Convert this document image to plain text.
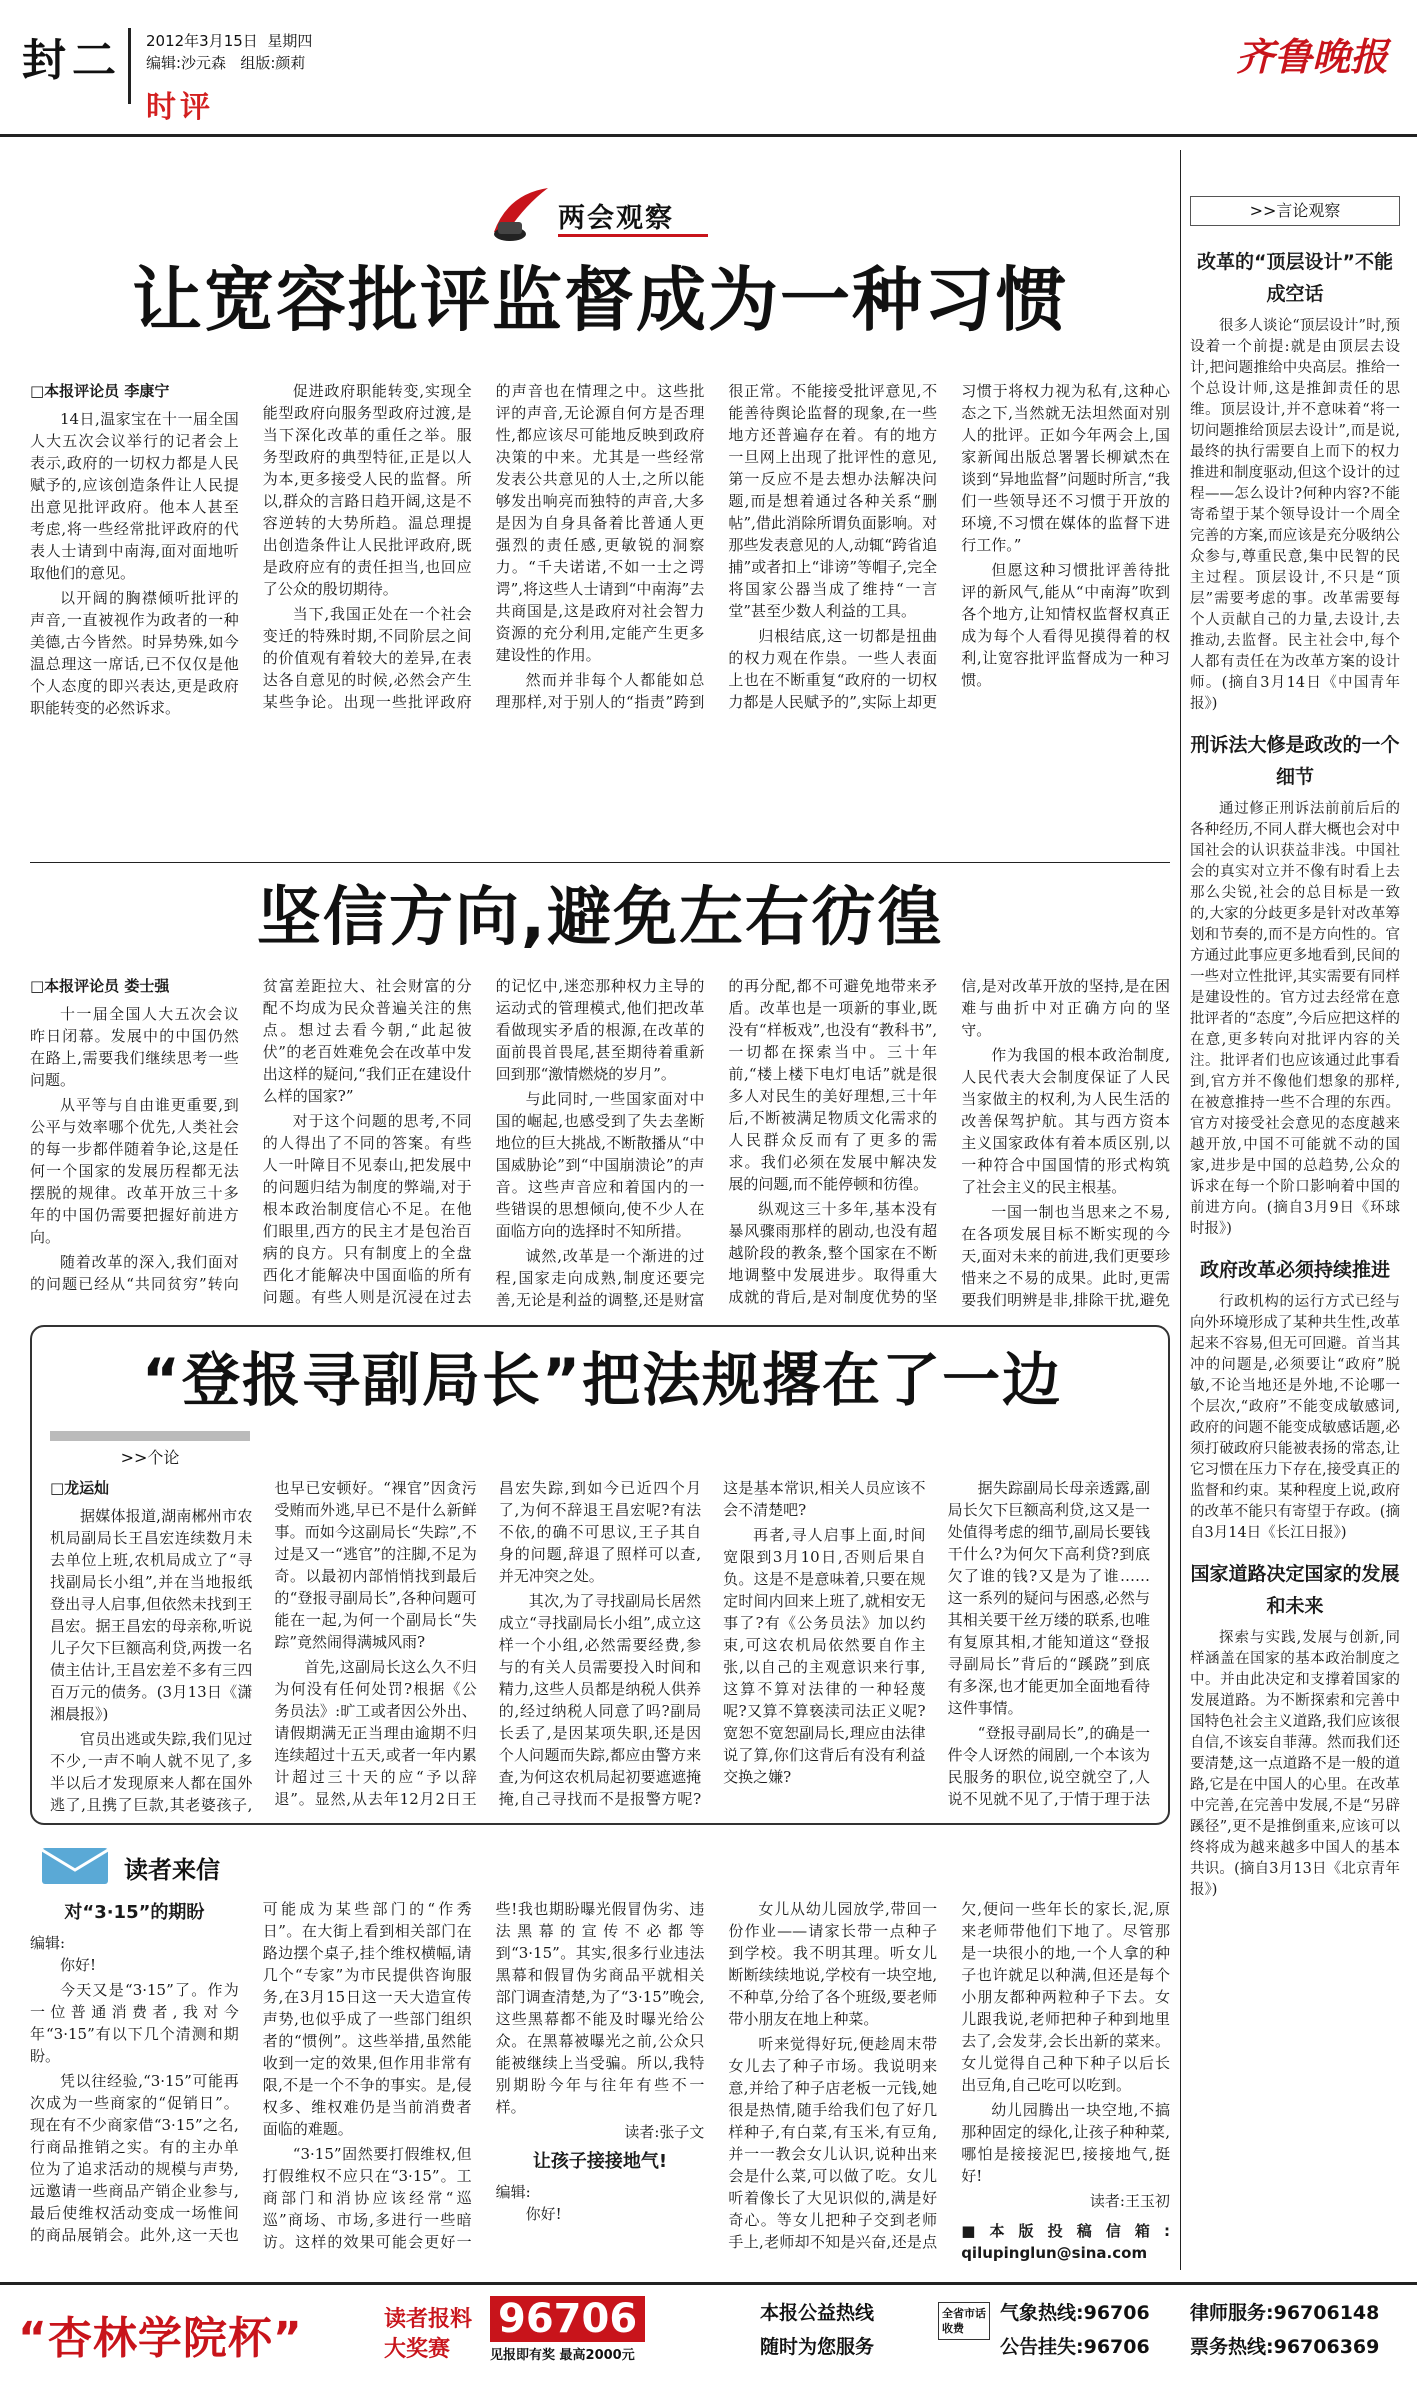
封二 2012年3月15日 星期四
编辑:沙元森 组版:颜莉
时评
齐鲁晚报
两会观察
让宽容批评监督成为一种习惯
□本报评论员 李康宁

14日,温家宝在十一届全国人大五次会议举行的记者会上表示,政府的一切权力都是人民赋予的,应该创造条件让人民提出意见批评政府。他本人甚至考虑,将一些经常批评政府的代表人士请到中南海,面对面地听取他们的意见。

以开阔的胸襟倾听批评的声音,一直被视作为政者的一种美德,古今皆然。时异势殊,如今温总理这一席话,已不仅仅是他个人态度的即兴表达,更是政府职能转变的必然诉求。

促进政府职能转变,实现全能型政府向服务型政府过渡,是当下深化改革的重任之举。服务型政府的典型特征,正是以人为本,更多接受人民的监督。所以,群众的言路日趋开阔,这是不容逆转的大势所趋。温总理提出创造条件让人民批评政府,既是政府应有的责任担当,也回应了公众的殷切期待。

当下,我国正处在一个社会变迁的特殊时期,不同阶层之间的价值观有着较大的差异,在表达各自意见的时候,必然会产生某些争论。出现一些批评政府的声音也在情理之中。这些批评的声音,无论源自何方是否理性,都应该尽可能地反映到政府决策的中来。尤其是一些经常发表公共意见的人士,之所以能够发出响亮而独特的声音,大多是因为自身具备着比普通人更强烈的责任感,更敏锐的洞察力。“千夫诺诺,不如一士之谔谔”,将这些人士请到“中南海”去共商国是,这是政府对社会智力资源的充分利用,定能产生更多建设性的作用。

然而并非每个人都能如总理那样,对于别人的“指责”跨到很正常。不能接受批评意见,不能善待舆论监督的现象,在一些地方还普遍存在着。有的地方一旦网上出现了批评性的意见,第一反应不是去想办法解决问题,而是想着通过各种关系“删帖”,借此消除所谓负面影响。对那些发表意见的人,动辄“跨省追捕”或者扣上“诽谤”等帽子,完全将国家公器当成了维持“一言堂”甚至少数人利益的工具。

归根结底,这一切都是扭曲的权力观在作祟。一些人表面上也在不断重复“政府的一切权力都是人民赋予的”,实际上却更习惯于将权力视为私有,这种心态之下,当然就无法坦然面对别人的批评。正如今年两会上,国家新闻出版总署署长柳斌杰在谈到“异地监督”问题时所言,“我们一些领导还不习惯于开放的环境,不习惯在媒体的监督下进行工作。”

但愿这种习惯批评善待批评的新风气,能从“中南海”吹到各个地方,让知情权监督权真正成为每个人看得见摸得着的权利,让宽容批评监督成为一种习惯。

坚信方向,避免左右彷徨
□本报评论员 娄士强

十一届全国人大五次会议昨日闭幕。发展中的中国仍然在路上,需要我们继续思考一些问题。

从平等与自由谁更重要,到公平与效率哪个优先,人类社会的每一步都伴随着争论,这是任何一个国家的发展历程都无法摆脱的规律。改革开放三十多年的中国仍需要把握好前进方向。

随着改革的深入,我们面对的问题已经从“共同贫穷”转向贫富差距拉大、社会财富的分配不均成为民众普遍关注的焦点。想过去看今朝,“此起彼伏”的老百姓难免会在改革中发出这样的疑问,“我们正在建设什么样的国家?”

对于这个问题的思考,不同的人得出了不同的答案。有些人一叶障目不见泰山,把发展中的问题归结为制度的弊端,对于根本政治制度信心不足。在他们眼里,西方的民主才是包治百病的良方。只有制度上的全盘西化才能解决中国面临的所有问题。有些人则是沉浸在过去的记忆中,迷恋那种权力主导的运动式的管理模式,他们把改革看做现实矛盾的根源,在改革的面前畏首畏尾,甚至期待着重新回到那“激情燃烧的岁月”。

与此同时,一些国家面对中国的崛起,也感受到了失去垄断地位的巨大挑战,不断散播从“中国威胁论”到“中国崩溃论”的声音。这些声音应和着国内的一些错误的思想倾向,使不少人在面临方向的选择时不知所措。

诚然,改革是一个渐进的过程,国家走向成熟,制度还要完善,无论是利益的调整,还是财富的再分配,都不可避免地带来矛盾。改革也是一项新的事业,既没有“样板戏”,也没有“教科书”,一切都在探索当中。三十年前,“楼上楼下电灯电话”就是很多人对民生的美好理想,三十年后,不断被满足物质文化需求的人民群众反而有了更多的需求。我们必须在发展中解决发展的问题,而不能停顿和彷徨。

纵观这三十多年,基本没有暴风骤雨那样的剧动,也没有超越阶段的教条,整个国家在不断地调整中发展进步。取得重大成就的背后,是对制度优势的坚信,是对改革开放的坚持,是在困难与曲折中对正确方向的坚守。

作为我国的根本政治制度,人民代表大会制度保证了人民当家做主的权利,为人民生活的改善保驾护航。其与西方资本主义国家政体有着本质区别,以一种符合中国国情的形式构筑了社会主义的民主根基。

一国一制也当思来之不易,在各项发展目标不断实现的今天,面对未来的前进,我们更要珍惜来之不易的成果。此时,更需要我们明辨是非,排除干扰,避免

“登报寻副局长”把法规撂在了一边
>>个论
□龙运灿

据媒体报道,湖南郴州市农机局副局长王昌宏连续数月未去单位上班,农机局成立了“寻找副局长小组”,并在当地报纸登出寻人启事,但依然未找到王昌宏。据王昌宏的母亲称,听说儿子欠下巨额高利贷,两拨一名债主估计,王昌宏差不多有三四百万元的债务。(3月13日《潇湘晨报》)

官员出逃或失踪,我们见过不少,一声不响人就不见了,多半以后才发现原来人都在国外逃了,且携了巨款,其老婆孩子,也早已安顿好。“裸官”因贪污受贿而外逃,早已不是什么新鲜事。而如今这副局长“失踪”,不过是又一“逃官”的注脚,不足为奇。以最初内部悄悄找到最后的“登报寻副局长”,各种问题可能在一起,为何一个副局长“失踪”竟然闹得满城风雨?

首先,这副局长这么久不归为何没有任何处罚?根据《公务员法》:旷工或者因公外出、请假期满无正当理由逾期不归连续超过十五天,或者一年内累计超过三十天的应“予以辞退”。显然,从去年12月2日王昌宏失踪,到如今已近四个月了,为何不辞退王昌宏呢?有法不依,的确不可思议,王子其自身的问题,辞退了照样可以查,并无冲突之处。

其次,为了寻找副局长居然成立“寻找副局长小组”,成立这样一个小组,必然需要经费,参与的有关人员需要投入时间和精力,这些人员都是纳税人供养的,经过纳税人同意了吗?副局长丢了,是因某项失职,还是因个人问题而失踪,都应由警方来查,为何这农机局起初要遮遮掩掩,自己寻找而不是报警方呢?这是基本常识,相关人员应该不会不清楚吧?

再者,寻人启事上面,时间宽限到3月10日,否则后果自负。这是不是意味着,只要在规定时间内回来上班了,就相安无事了?有《公务员法》加以约束,可这农机局依然要自作主张,以自己的主观意识来行事,这算不算对法律的一种轻蔑呢?又算不算亵渎司法正义呢?宽恕不宽恕副局长,理应由法律说了算,你们这背后有没有利益交换之嫌?

据失踪副局长母亲透露,副局长欠下巨额高利贷,这又是一处值得考虑的细节,副局长要钱干什么?为何欠下高利贷?到底欠了谁的钱?又是为了谁……这一系列的疑问与困惑,必然与其相关要干丝万缕的联系,也唯有复原其相,才能知道这“登报寻副局长”背后的“蹊跷”到底有多深,也才能更加全面地看待这件事情。

“登报寻副局长”,的确是一件令人讶然的闹剧,一个本该为民服务的职位,说空就空了,人说不见就不见了,于情于理于法

读者来信
对“3·15”的期盼
编辑:

你好!

今天又是“3·15”了。作为一位普通消费者,我对今年“3·15”有以下几个清测和期盼。

凭以往经验,“3·15”可能再次成为一些商家的“促销日”。现在有不少商家借“3·15”之名,行商品推销之实。有的主办单位为了追求活动的规模与声势,远邀请一些商品产销企业参与,最后使维权活动变成一场惟间的商品展销会。此外,这一天也可能成为某些部门的“作秀日”。在大街上看到相关部门在路边摆个桌子,挂个维权横幅,请几个“专家”为市民提供咨询服务,在3月15日这一天大造宣传声势,也似乎成了一些部门组织者的“惯例”。这些举措,虽然能收到一定的效果,但作用非常有限,不是一个不争的事实。是,侵权多、维权难仍是当前消费者面临的难题。

“3·15”固然要打假维权,但打假维权不应只在“3·15”。工商部门和消协应该经常“巡巡”商场、市场,多进行一些暗访。这样的效果可能会更好一些!我也期盼曝光假冒伪劣、违法黑幕的宣传不必都等到“3·15”。其实,很多行业违法黑幕和假冒伪劣商品平就相关部门调查清楚,为了“3·15”晚会,这些黑幕都不能及时曝光给公众。在黑幕被曝光之前,公众只能被继续上当受骗。所以,我特别期盼今年与往年有些不一样。

读者:张子文
让孩子接接地气!
编辑:

你好!

女儿从幼儿园放学,带回一份作业——请家长带一点种子到学校。我不明其理。听女儿断断续续地说,学校有一块空地,不种草,分给了各个班级,要老师带小朋友在地上种菜。

听来觉得好玩,便趁周末带女儿去了种子市场。我说明来意,并给了种子店老板一元钱,她很是热情,随手给我们包了好几样种子,有白菜,有玉米,有豆角,并一一教会女儿认识,说种出来会是什么菜,可以做了吃。女儿听着像长了大见识似的,满是好奇心。等女儿把种子交到老师手上,老师却不知是兴奋,还是点欠,便问一些年长的家长,泥,原来老师带他们下地了。尽管那是一块很小的地,一个人拿的种子也许就足以种满,但还是每个小朋友都种两粒种子下去。女儿跟我说,老师把种子种到地里去了,会发芽,会长出新的菜来。女儿觉得自己种下种子以后长出豆角,自己吃可以吃到。

幼儿园腾出一块空地,不搞那种固定的绿化,让孩子种种菜,哪怕是接接泥巴,接接地气,挺好!

读者:王玉初
■本版投稿信箱: qilupinglun@sina.com
>>言论观察
改革的“顶层设计”不能成空话

很多人谈论“顶层设计”时,预设着一个前提:就是由顶层去设计,把问题推给中央高层。推给一个总设计师,这是推卸责任的思维。顶层设计,并不意味着“将一切问题推给顶层去设计”,而是说,最终的执行需要自上而下的权力推进和制度驱动,但这个设计的过程——怎么设计?何种内容?不能寄希望于某个领导设计一个周全完善的方案,而应该是充分吸纳公众参与,尊重民意,集中民智的民主过程。顶层设计,不只是“顶层”需要考虑的事。改革需要每个人贡献自己的力量,去设计,去推动,去监督。民主社会中,每个人都有责任在为改革方案的设计师。(摘自3月14日《中国青年报》)

刑诉法大修是政改的一个细节

通过修正刑诉法前前后后的各种经历,不同人群大概也会对中国社会的认识获益非浅。中国社会的真实对立并不像有时看上去那么尖锐,社会的总目标是一致的,大家的分歧更多是针对改革筹划和节奏的,而不是方向性的。官方通过此事应更多地看到,民间的一些对立性批评,其实需要有同样是建设性的。官方过去经常在意批评者的“态度”,今后应把这样的在意,更多转向对批评内容的关注。批评者们也应该通过此事看到,官方并不像他们想象的那样,在被意推持一些不合理的东西。官方对接受社会意见的态度越来越开放,中国不可能就不动的国家,进步是中国的总趋势,公众的诉求在每一个阶口影响着中国的前进方向。(摘自3月9日《环球时报》)

政府改革必须持续推进

行政机构的运行方式已经与向外环境形成了某种共生性,改革起来不容易,但无可回避。首当其冲的问题是,必须要让“政府”脱敏,不论当地还是外地,不论哪一个层次,“政府”不能变成敏感词,政府的问题不能变成敏感话题,必须打破政府只能被表扬的常态,让它习惯在压力下存在,接受真正的监督和约束。某种程度上说,政府的改革不能只有寄望于存政。(摘自3月14日《长江日报》)

国家道路决定国家的发展和未来

探索与实践,发展与创新,同样涵盖在国家的基本政治制度之中。并由此决定和支撑着国家的发展道路。为不断探索和完善中国特色社会主义道路,我们应该很自信,不该妄自菲薄。然而我们还要清楚,这一点道路不是一般的道路,它是在中国人的心里。在改革中完善,在完善中发展,不是“另辟蹊径”,更不是推倒重来,应该可以终将成为越来越多中国人的基本共识。(摘自3月13日《北京青年报》)

“杏林学院杯”	读者报料
大奖赛
96706
见报即有奖 最高2000元
本报公益热线
随时为您服务
全省市话收费
气象热线:96706
公告挂失:96706
律师服务:96706148
票务热线:96706369
